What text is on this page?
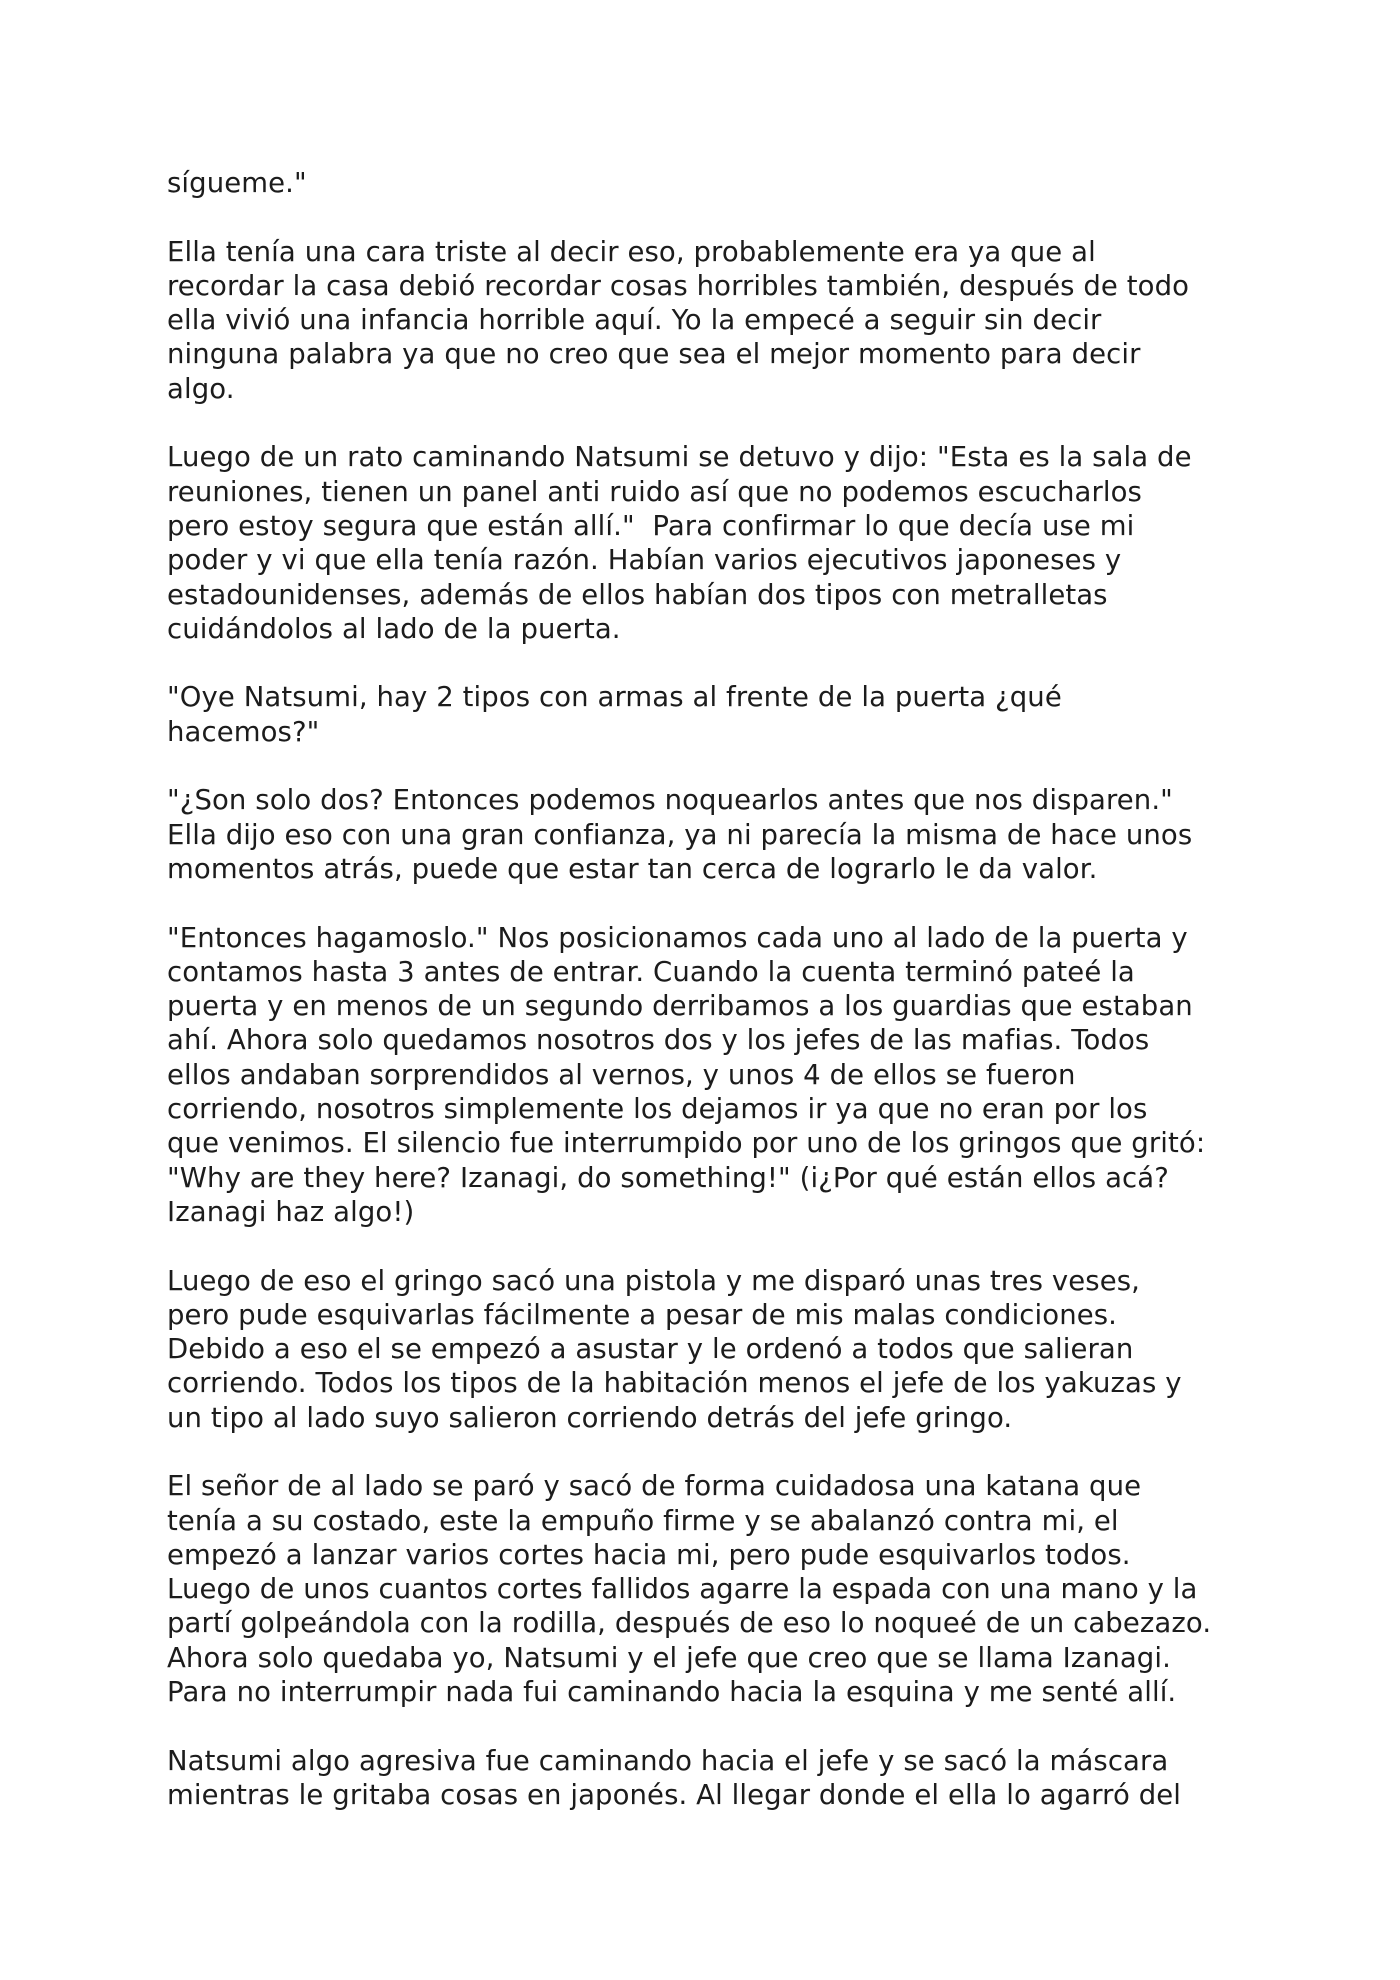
sígueme."

Ella tenía una cara triste al decir eso, probablemente era ya que al
recordar la casa debió recordar cosas horribles también, después de todo
ella vivió una infancia horrible aquí. Yo la empecé a seguir sin decir
ninguna palabra ya que no creo que sea el mejor momento para decir
algo.

Luego de un rato caminando Natsumi se detuvo y dijo: "Esta es la sala de
reuniones, tienen un panel anti ruido así que no podemos escucharlos
pero estoy segura que están allí."  Para confirmar lo que decía use mi
poder y vi que ella tenía razón. Habían varios ejecutivos japoneses y
estadounidenses, además de ellos habían dos tipos con metralletas
cuidándolos al lado de la puerta.

"Oye Natsumi, hay 2 tipos con armas al frente de la puerta ¿qué
hacemos?"

"¿Son solo dos? Entonces podemos noquearlos antes que nos disparen."
Ella dijo eso con una gran confianza, ya ni parecía la misma de hace unos
momentos atrás, puede que estar tan cerca de lograrlo le da valor.

"Entonces hagamoslo." Nos posicionamos cada uno al lado de la puerta y
contamos hasta 3 antes de entrar. Cuando la cuenta terminó pateé la
puerta y en menos de un segundo derribamos a los guardias que estaban
ahí. Ahora solo quedamos nosotros dos y los jefes de las mafias. Todos
ellos andaban sorprendidos al vernos, y unos 4 de ellos se fueron
corriendo, nosotros simplemente los dejamos ir ya que no eran por los
que venimos. El silencio fue interrumpido por uno de los gringos que gritó:
"Why are they here? Izanagi, do something!" (i¿Por qué están ellos acá?
Izanagi haz algo!)

Luego de eso el gringo sacó una pistola y me disparó unas tres veses,
pero pude esquivarlas fácilmente a pesar de mis malas condiciones.
Debido a eso el se empezó a asustar y le ordenó a todos que salieran
corriendo. Todos los tipos de la habitación menos el jefe de los yakuzas y
un tipo al lado suyo salieron corriendo detrás del jefe gringo.

El señor de al lado se paró y sacó de forma cuidadosa una katana que
tenía a su costado, este la empuño firme y se abalanzó contra mi, el
empezó a lanzar varios cortes hacia mi, pero pude esquivarlos todos.
Luego de unos cuantos cortes fallidos agarre la espada con una mano y la
partí golpeándola con la rodilla, después de eso lo noqueé de un cabezazo.
Ahora solo quedaba yo, Natsumi y el jefe que creo que se llama Izanagi.
Para no interrumpir nada fui caminando hacia la esquina y me senté allí.

Natsumi algo agresiva fue caminando hacia el jefe y se sacó la máscara
mientras le gritaba cosas en japonés. Al llegar donde el ella lo agarró del
